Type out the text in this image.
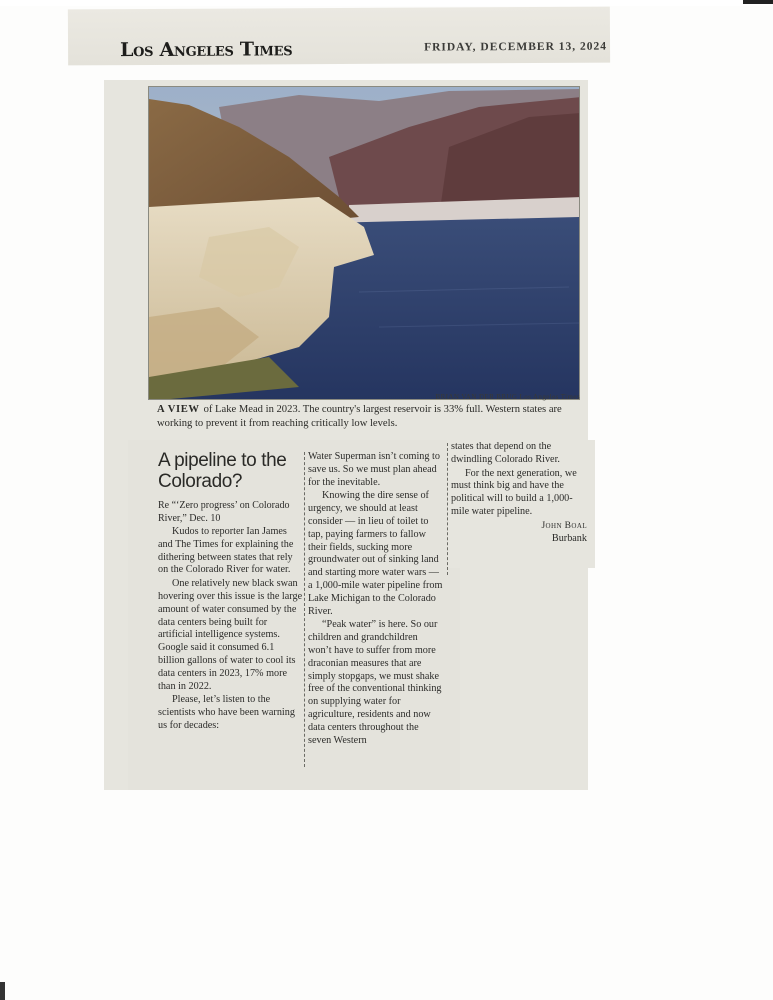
Los Angeles Times	FRIDAY, DECEMBER 13, 2024
BRIAN VAN DER BRUG Los Angeles Times
A VIEW of Lake Mead in 2023. The country's largest reservoir is 33% full. Western states are working to prevent it from reaching critically low levels.
A pipeline to the Colorado?

Re “‘Zero progress’ on Colorado River,” Dec. 10

Kudos to reporter Ian James and The Times for explaining the dithering between states that rely on the Colorado River for water.

One relatively new black swan hovering over this issue is the large amount of water consumed by the data centers being built for artificial intelligence systems. Google said it consumed 6.1 billion gallons of water to cool its data centers in 2023, 17% more than in 2022.

Please, let’s listen to the scientists who have been warning us for decades:

Water Superman isn’t coming to save us. So we must plan ahead for the inevitable.

Knowing the dire sense of urgency, we should at least consider — in lieu of toilet to tap, paying farmers to fallow their fields, sucking more groundwater out of sinking land and starting more water wars — a 1,000-mile water pipeline from Lake Michigan to the Colorado River.

“Peak water” is here. So our children and grandchildren won’t have to suffer from more draconian measures that are simply stopgaps, we must shake free of the conventional thinking on supplying water for agriculture, residents and now data centers throughout the seven Western

states that depend on the dwindling Colorado River.

For the next generation, we must think big and have the political will to build a 1,000-mile water pipeline.

John Boal
Burbank
